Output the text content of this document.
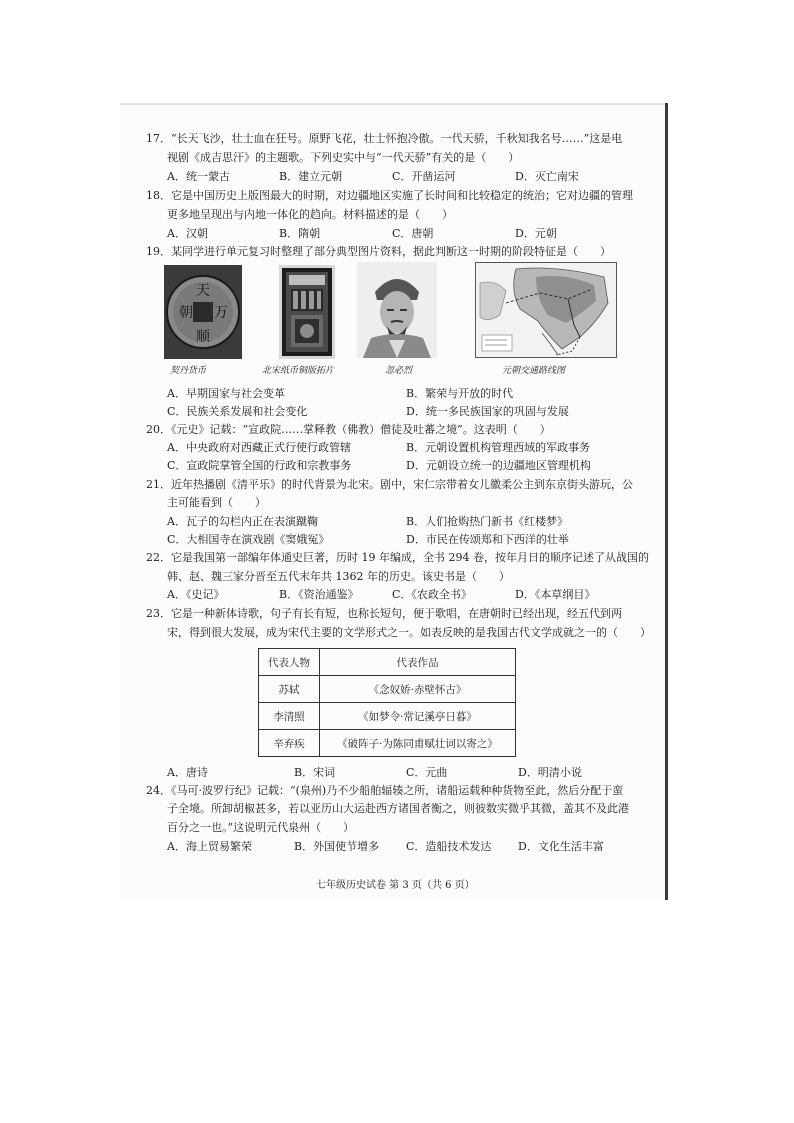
17．“长天飞沙，壮士血在狂号。原野飞花，壮士怀抱冷傲。一代天骄，千秋知我名号……”这是电
视剧《成吉思汗》的主题歌。下列史实中与“一代天骄”有关的是（　　）
A．统一蒙古	B．建立元朝	C．开凿运河	D．灭亡南宋
18．它是中国历史上版图最大的时期，对边疆地区实施了长时间和比较稳定的统治；它对边疆的管理
更多地呈现出与内地一体化的趋向。材料描述的是（　　）
A．汉朝	B．隋朝	C．唐朝	D．元朝
19．某同学进行单元复习时整理了部分典型图片资料，据此判断这一时期的阶段特征是（　　）
天
朝 万
顺
契丹货币	北宋纸币铜版拓片	忽必烈	元朝交通路线图
A．早期国家与社会变革	B．繁荣与开放的时代
C．民族关系发展和社会变化	D．统一多民族国家的巩固与发展
20．《元史》记载：“宣政院……掌释教（佛教）僧徒及吐蕃之境”。这表明（　　）
A．中央政府对西藏正式行使行政管辖	B．元朝设置机构管理西域的军政事务
C．宣政院掌管全国的行政和宗教事务	D．元朝设立统一的边疆地区管理机构
21．近年热播剧《清平乐》的时代背景为北宋。剧中，宋仁宗带着女儿徽柔公主到东京街头游玩，公
主可能看到（　　）
A．瓦子的勾栏内正在表演蹴鞠	B．人们抢购热门新书《红楼梦》
C．大相国寺在演戏剧《窦娥冤》	D．市民在传颂郑和下西洋的壮举
22．它是我国第一部编年体通史巨著，历时 19 年编成，全书 294 卷，按年月日的顺序记述了从战国的
韩、赵、魏三家分晋至五代末年共 1362 年的历史。该史书是（　　）
A．《史记》	B．《资治通鉴》	C．《农政全书》	D．《本草纲目》
23．它是一种新体诗歌，句子有长有短，也称长短句，便于歌唱，在唐朝时已经出现，经五代到两
宋，得到很大发展，成为宋代主要的文学形式之一。如表反映的是我国古代文学成就之一的（　　）
代表人物	代表作品
苏轼	《念奴娇·赤壁怀古》
李清照	《如梦令·常记溪亭日暮》
辛弃疾	《破阵子·为陈同甫赋壮词以寄之》
A．唐诗	B．宋词	C．元曲	D．明清小说
24．《马可·波罗行纪》记载：“(泉州)乃不少船舶辐辏之所，诸船运载种种货物至此，然后分配于蛮
子全境。所卸胡椒甚多，若以亚历山大运赴西方诸国者衡之，则彼数实微乎其微，盖其不及此港
百分之一也。”这说明元代泉州（　　）
A．海上贸易繁荣	B．外国使节增多 C．造船技术发达 D．文化生活丰富
七年级历史试卷 第 3 页（共 6 页）
